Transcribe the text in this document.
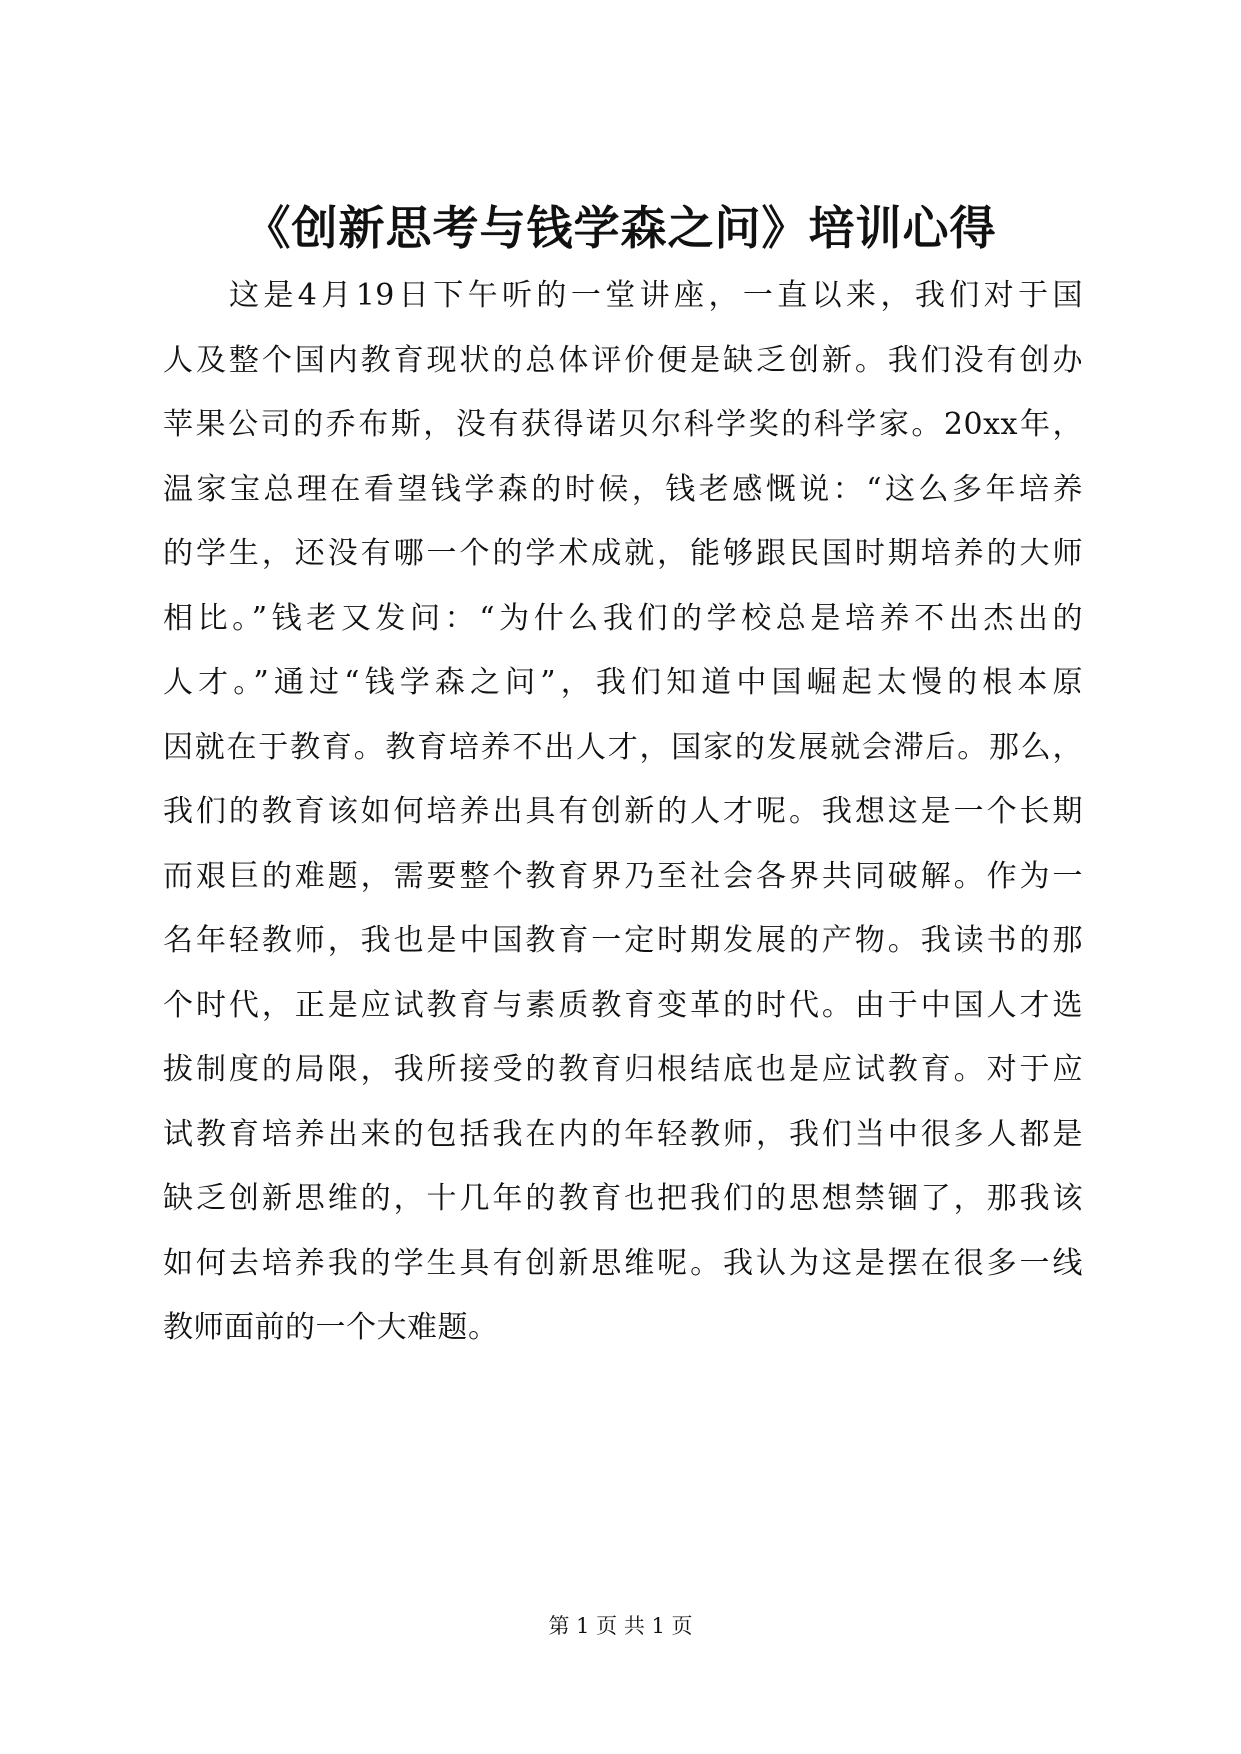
《创新思考与钱学森之问》培训心得
这是4月19日下午听的一堂讲座，一直以来，我们对于国
人及整个国内教育现状的总体评价便是缺乏创新。我们没有创办
苹果公司的乔布斯，没有获得诺贝尔科学奖的科学家。20xx年，
温家宝总理在看望钱学森的时候，钱老感慨说：“这么多年培养
的学生，还没有哪一个的学术成就，能够跟民国时期培养的大师
相比。”钱老又发问：“为什么我们的学校总是培养不出杰出的
人才。”通过“钱学森之问”，我们知道中国崛起太慢的根本原
因就在于教育。教育培养不出人才，国家的发展就会滞后。那么，
我们的教育该如何培养出具有创新的人才呢。我想这是一个长期
而艰巨的难题，需要整个教育界乃至社会各界共同破解。作为一
名年轻教师，我也是中国教育一定时期发展的产物。我读书的那
个时代，正是应试教育与素质教育变革的时代。由于中国人才选
拔制度的局限，我所接受的教育归根结底也是应试教育。对于应
试教育培养出来的包括我在内的年轻教师，我们当中很多人都是
缺乏创新思维的，十几年的教育也把我们的思想禁锢了，那我该
如何去培养我的学生具有创新思维呢。我认为这是摆在很多一线
教师面前的一个大难题。
第 1 页 共 1 页
